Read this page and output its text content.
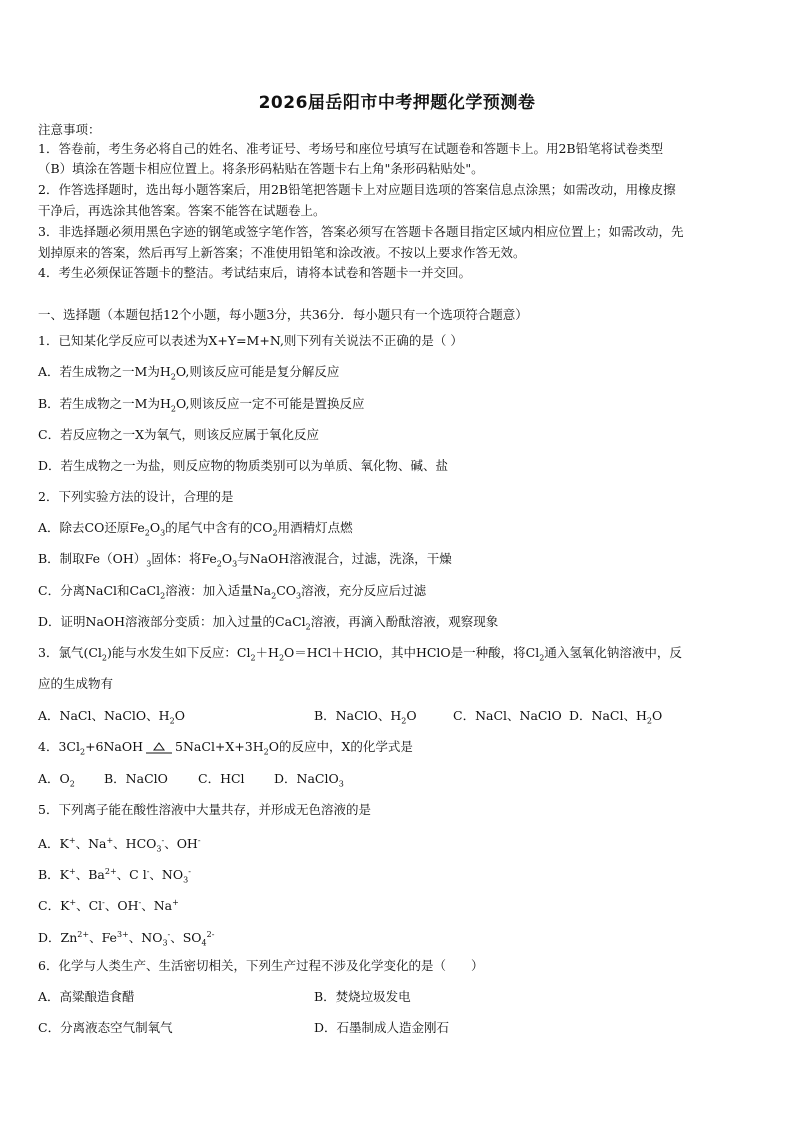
2026届岳阳市中考押题化学预测卷
注意事项：
1．答卷前，考生务必将自己的姓名、准考证号、考场号和座位号填写在试题卷和答题卡上。用2B铅笔将试卷类型
（B）填涂在答题卡相应位置上。将条形码粘贴在答题卡右上角"条形码粘贴处"。
2．作答选择题时，选出每小题答案后，用2B铅笔把答题卡上对应题目选项的答案信息点涂黑；如需改动，用橡皮擦
干净后，再选涂其他答案。答案不能答在试题卷上。
3．非选择题必须用黑色字迹的钢笔或签字笔作答，答案必须写在答题卡各题目指定区域内相应位置上；如需改动，先
划掉原来的答案，然后再写上新答案；不准使用铅笔和涂改液。不按以上要求作答无效。
4．考生必须保证答题卡的整洁。考试结束后，请将本试卷和答题卡一并交回。
一、选择题（本题包括12个小题，每小题3分，共36分．每小题只有一个选项符合题意）
1．已知某化学反应可以表述为X+Y=M+N,则下列有关说法不正确的是（ ）
A．若生成物之一M为$H_2O$,则该反应可能是复分解反应
B．若生成物之一M为$H_2O$,则该反应一定不可能是置换反应
C．若反应物之一X为氧气，则该反应属于氧化反应
D．若生成物之一为盐，则反应物的物质类别可以为单质、氧化物、碱、盐
2．下列实验方法的设计，合理的是
A．除去CO还原$Fe_2O_3$的尾气中含有的$CO_2$用酒精灯点燃
B．制取$Fe(OH)_3$固体：将$Fe_2O_3$与NaOH溶液混合，过滤，洗涤，干燥
C．分离NaCl和CaCl$_2$溶液：加入适量$Na_2CO_3$溶液，充分反应后过滤
D．证明NaOH溶液部分变质：加入过量的CaCl$_2$溶液，再滴入酚酞溶液，观察现象
3．氯气$(Cl_2)$能与水发生如下反应：$Cl_2+H_2O=HCl+HClO$，其中HClO是一种酸，将$Cl_2$通入氢氧化钠溶液中，反
应的生成物有
A．NaCl、NaClO、$H_2O$	B．NaClO、$H_2O$	C．NaCl、NaClO D．NaCl、$H_2O$
4．$3Cl_2+6NaOH$	$5NaCl+X+3H_2O$的反应中，X的化学式是
A．$O_2$ B．NaClO C．HCl D．NaClO$_3$
5．下列离子能在酸性溶液中大量共存，并形成无色溶液的是
A．K+、Na+、$HCO_3^-$、OH-
B．K+、$Ba^{2+}$、C l-、$NO_3^-$
C．K+、Cl-、OH-、Na+
D．$Zn^{2+}$、$Fe^{3+}$、$NO_3^-$、$SO_4^{2-}$
6．化学与人类生产、生活密切相关，下列生产过程不涉及化学变化的是（　　）
A．高粱酿造食醋	B．焚烧垃圾发电
C．分离液态空气制氧气	D．石墨制成人造金刚石
